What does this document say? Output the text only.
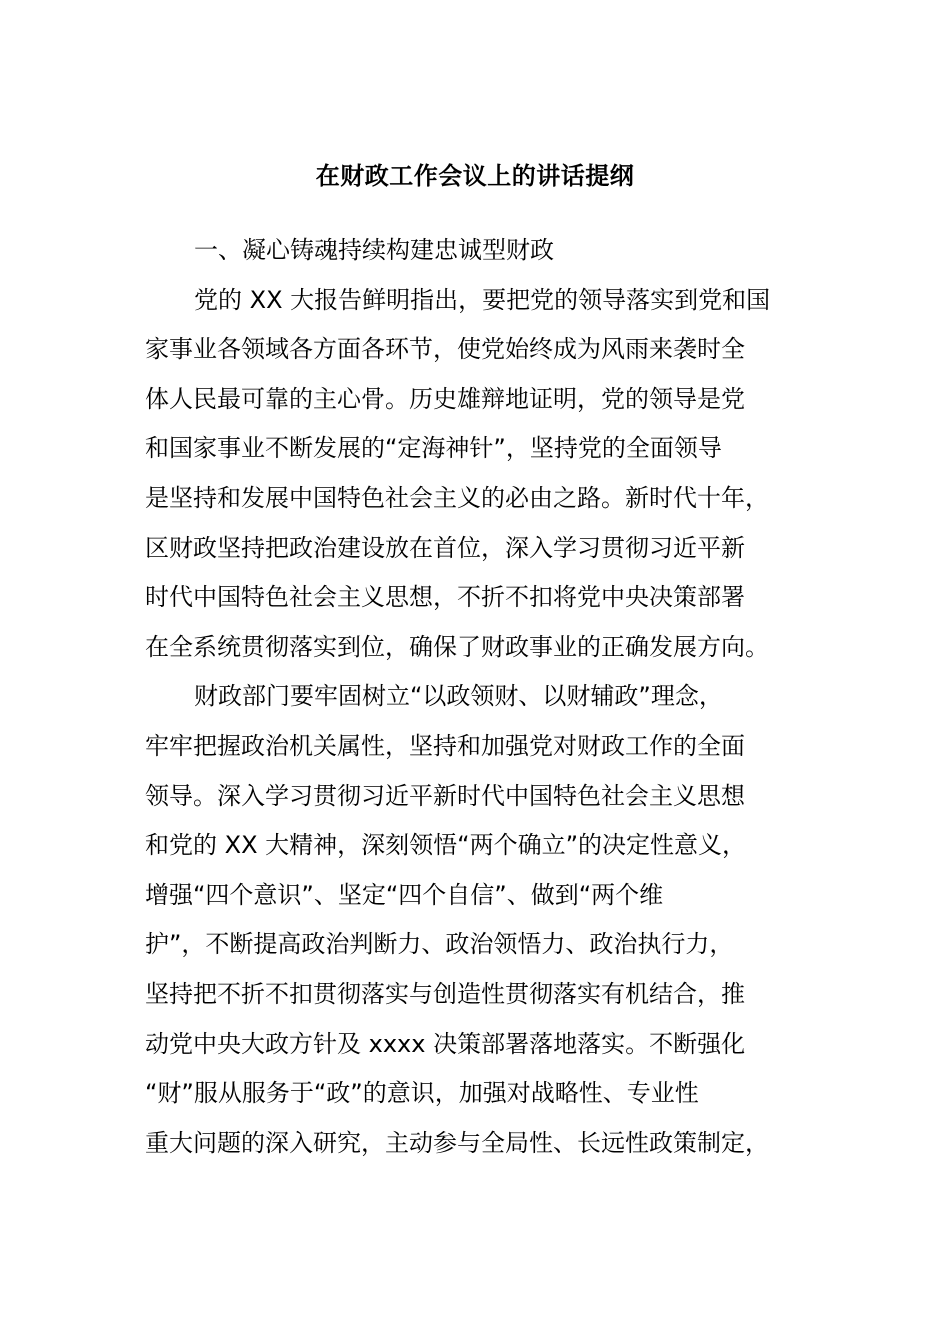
在财政工作会议上的讲话提纲
一、凝心铸魂持续构建忠诚型财政
党的 XX 大报告鲜明指出，要把党的领导落实到党和国
家事业各领域各方面各环节，使党始终成为风雨来袭时全
体人民最可靠的主心骨。历史雄辩地证明，党的领导是党
和国家事业不断发展的“定海神针”，坚持党的全面领导
是坚持和发展中国特色社会主义的必由之路。新时代十年，
区财政坚持把政治建设放在首位，深入学习贯彻习近平新
时代中国特色社会主义思想，不折不扣将党中央决策部署
在全系统贯彻落实到位，确保了财政事业的正确发展方向。
财政部门要牢固树立“以政领财、以财辅政”理念，
牢牢把握政治机关属性，坚持和加强党对财政工作的全面
领导。深入学习贯彻习近平新时代中国特色社会主义思想
和党的 XX 大精神，深刻领悟“两个确立”的决定性意义，
增强“四个意识”、坚定“四个自信”、做到“两个维
护”，不断提高政治判断力、政治领悟力、政治执行力，
坚持把不折不扣贯彻落实与创造性贯彻落实有机结合，推
动党中央大政方针及 xxxx 决策部署落地落实。不断强化
“财”服从服务于“政”的意识，加强对战略性、专业性
重大问题的深入研究，主动参与全局性、长远性政策制定，
